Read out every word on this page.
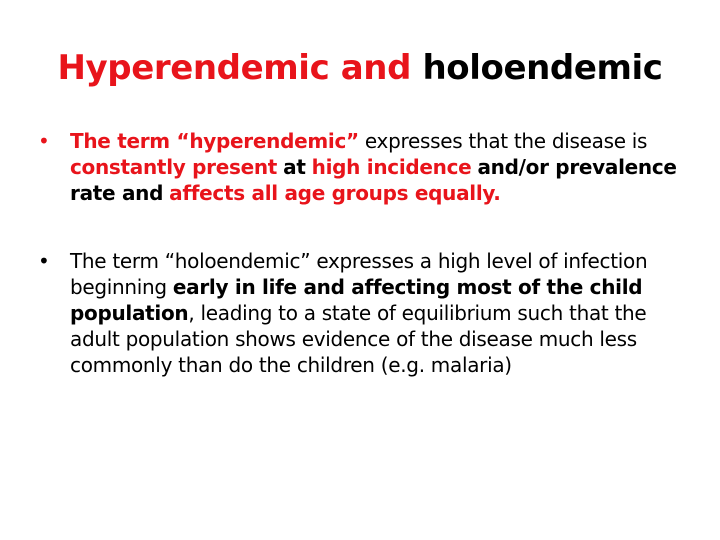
Hyperendemic and holoendemic
• The term “hyperendemic” expresses that the disease is constantly present at high incidence and/or prevalence rate and affects all age groups equally.
• The term “holoendemic” expresses a high level of infection beginning early in life and affecting most of the child population, leading to a state of equilibrium such that the adult population shows evidence of the disease much less commonly than do the children (e.g. malaria)
